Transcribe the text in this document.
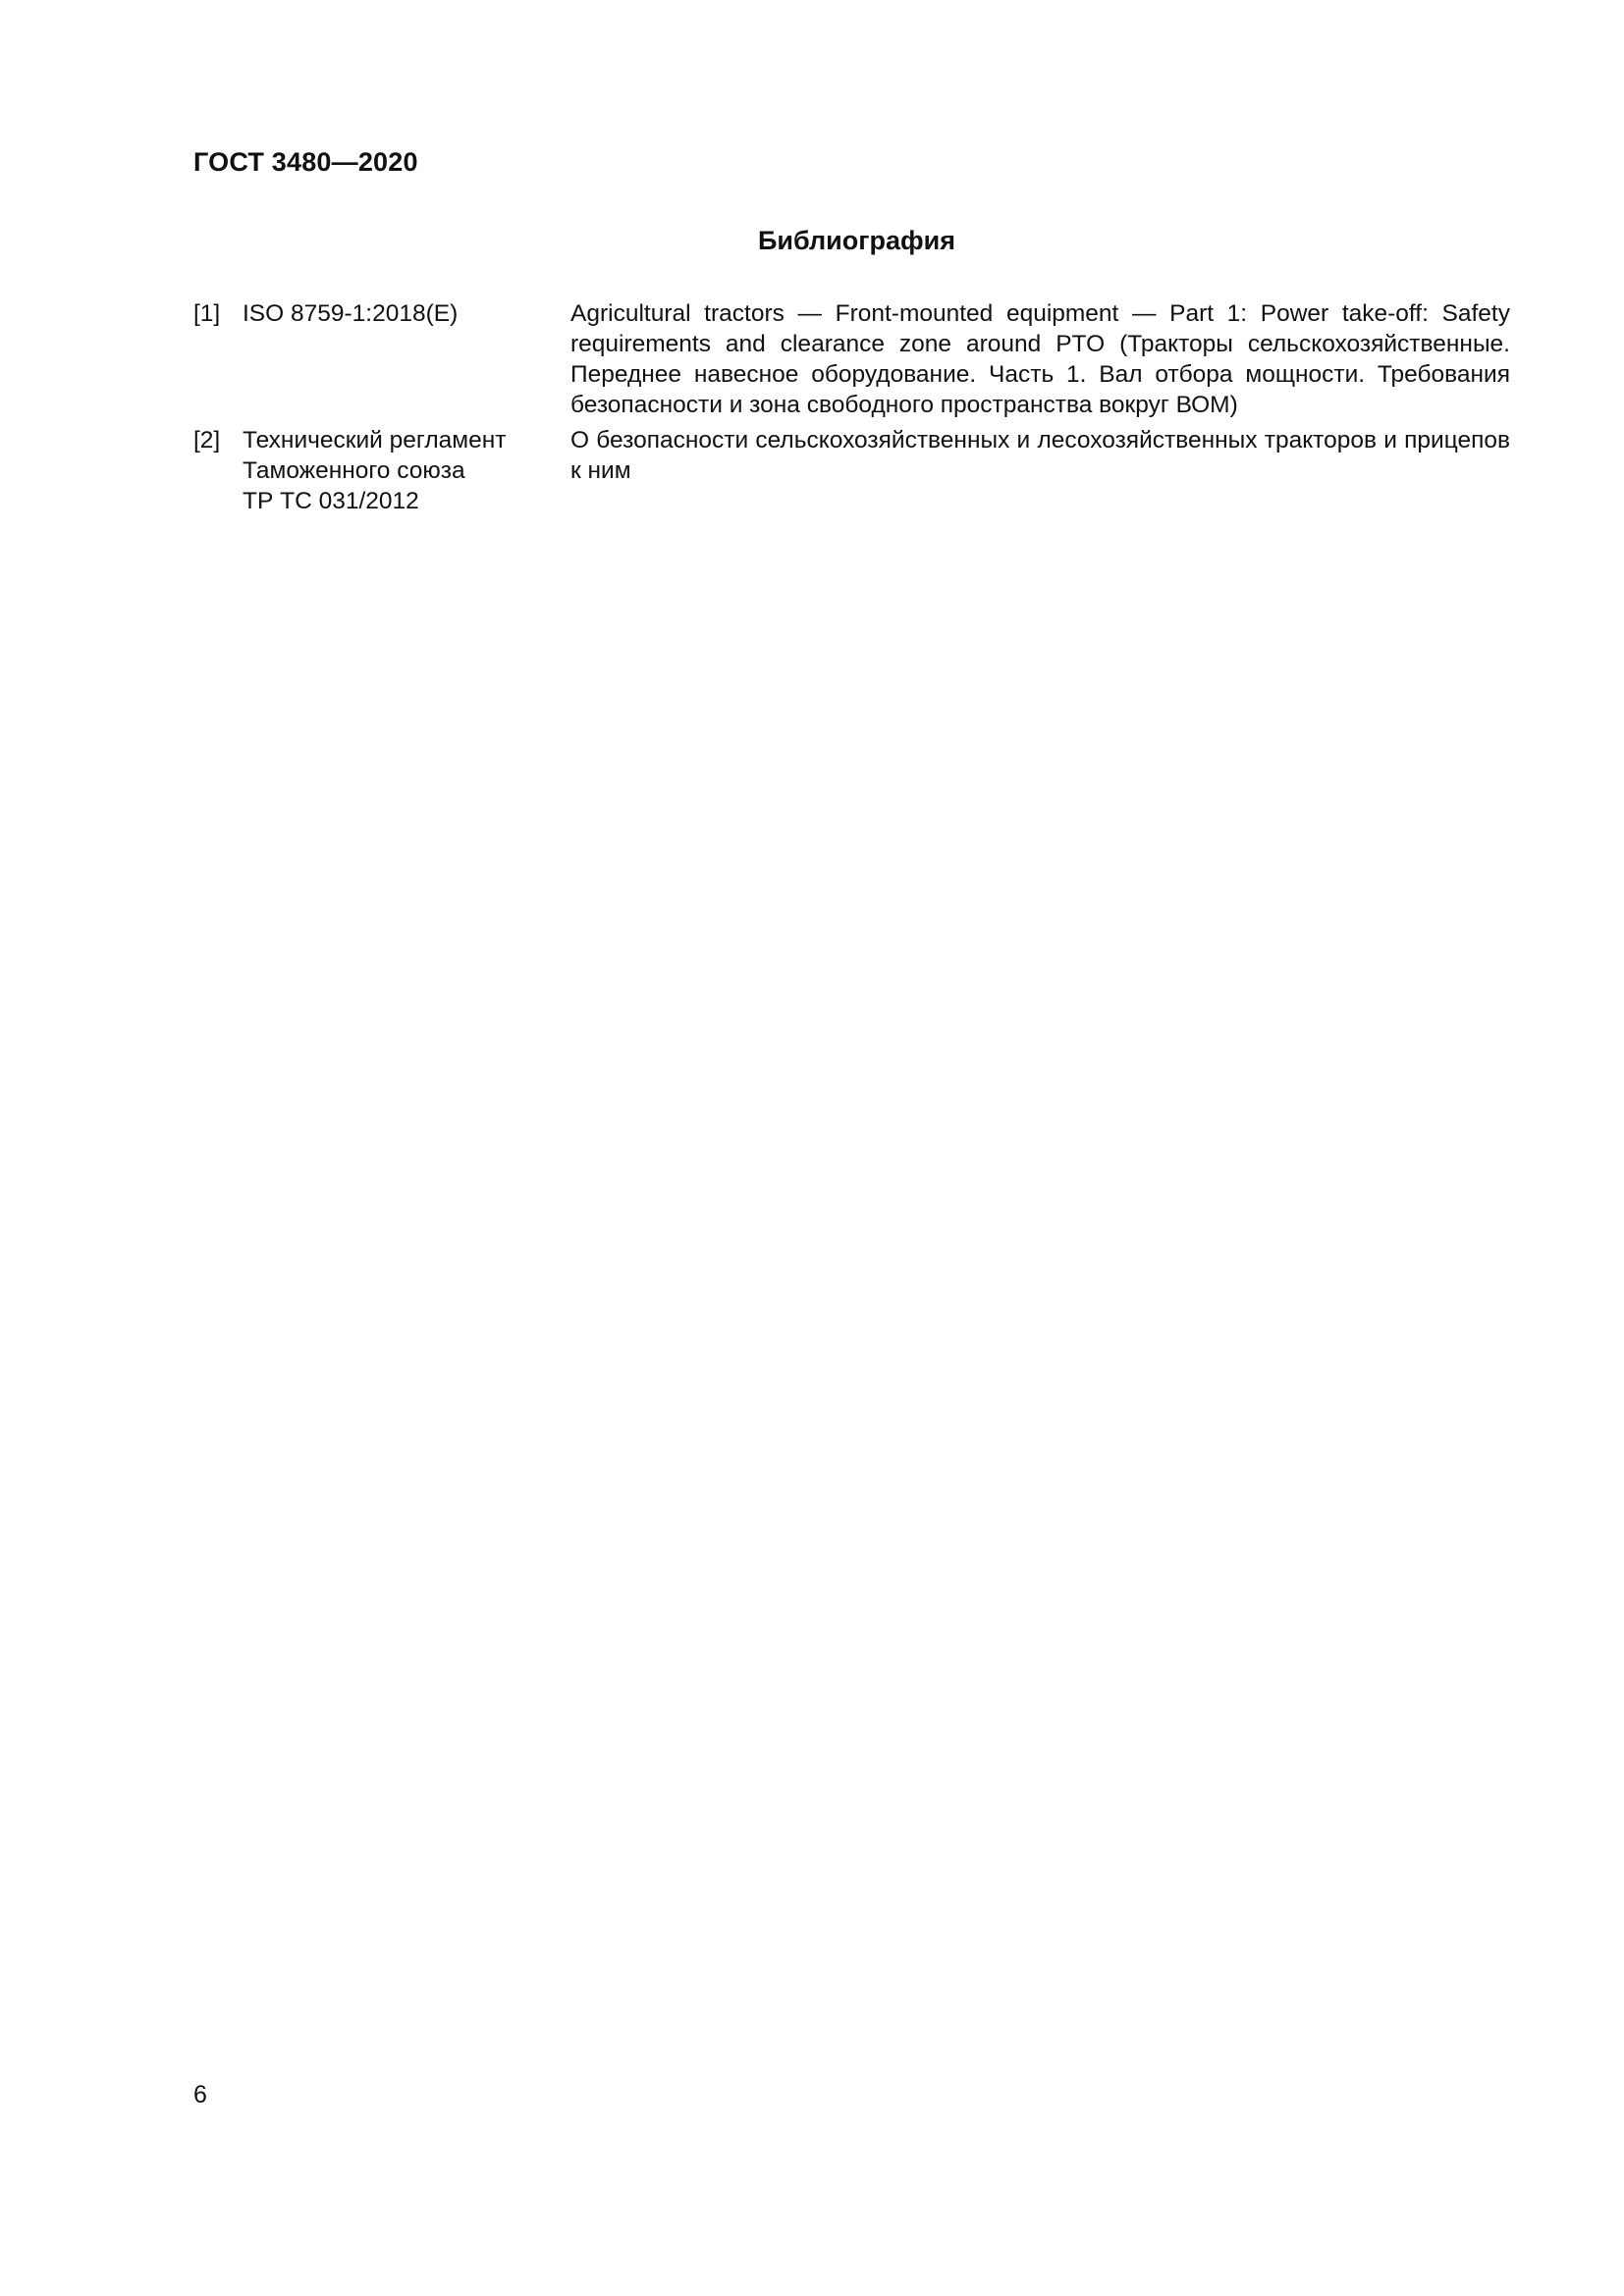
ГОСТ 3480—2020
Библиография
[1] ISO 8759-1:2018(E)	Agricultural tractors — Front-mounted equipment — Part 1: Power take-off: Safety requirements and clearance zone around PTO (Тракторы сельскохозяйственные. Переднее навесное оборудование. Часть 1. Вал отбора мощности. Требования безопасности и зона свободного пространства вокруг ВОМ)
[2] Технический регламент
Таможенного союза
ТР ТС 031/2012
О безопасности сельскохозяйственных и лесохозяйственных тракторов и прицепов к ним
6
